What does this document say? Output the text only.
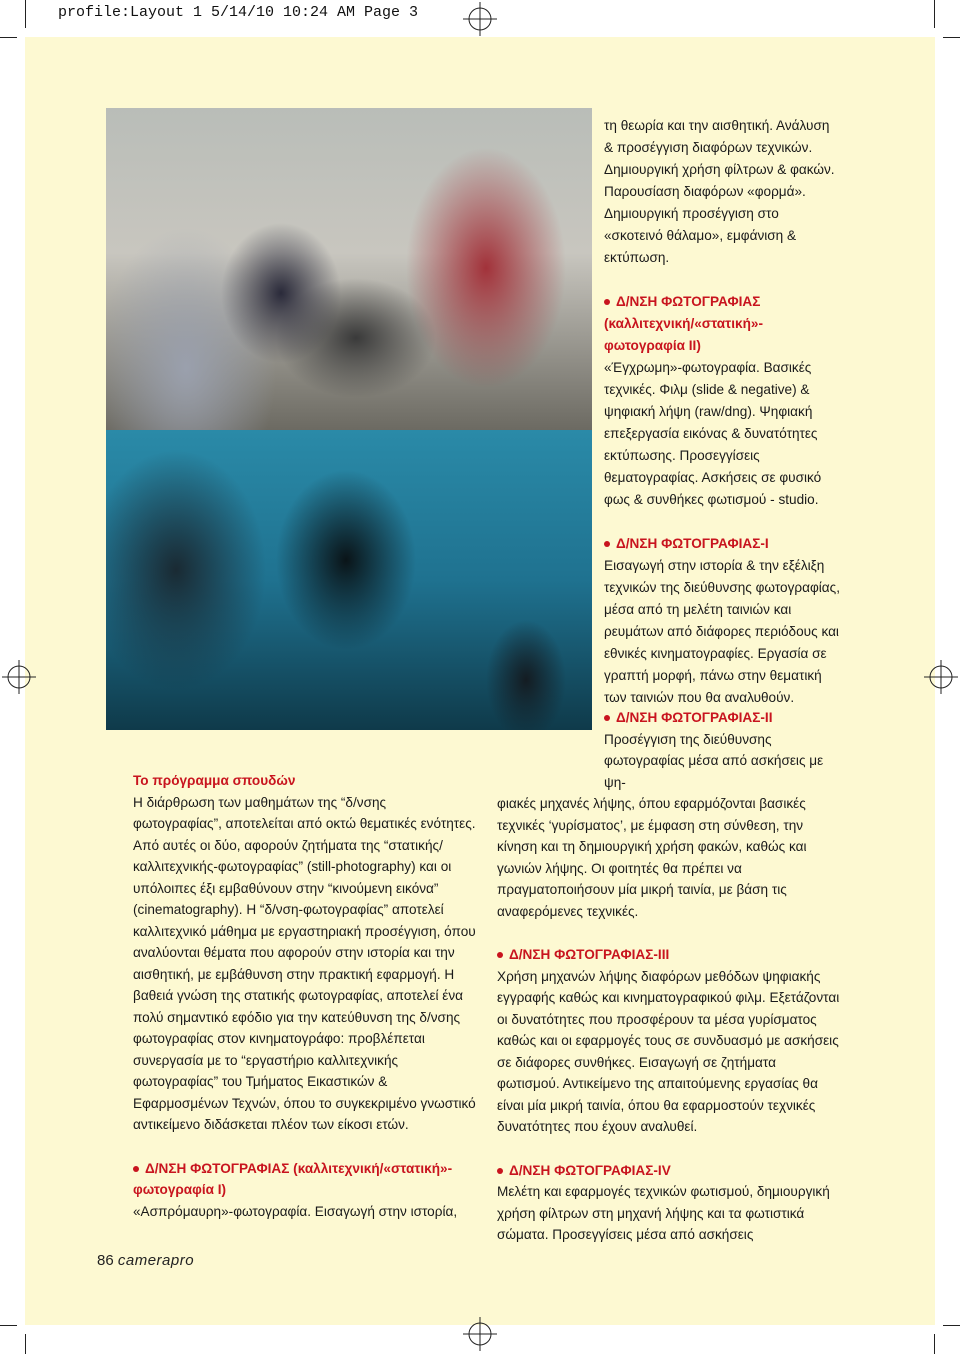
profile:Layout 1 5/14/10 10:24 AM Page 3

τη θεωρία και την αισθητική. Ανάλυση & προσέγγιση διαφόρων τεχνικών. Δημιουργική χρήση φίλτρων & φακών. Παρουσίαση διαφόρων «φορμά». Δημιουργική προσέγγιση στο «σκοτεινό θάλαμο», εμφάνιση & εκτύπωση.

Δ/ΝΣΗ ΦΩΤΟΓΡΑΦΙΑΣ (καλλιτεχνική/«στατική»-φωτογραφία II)

«Έγχρωμη»-φωτογραφία. Βασικές τεχνικές. Φιλμ (slide & negative) & ψηφιακή λήψη (raw/dng). Ψηφιακή επεξεργασία εικόνας & δυνατότητες εκτύπωσης. Προσεγγίσεις θεματογραφίας. Ασκήσεις σε φυσικό φως & συνθήκες φωτισμού - studio.

Δ/ΝΣΗ ΦΩΤΟΓΡΑΦΙΑΣ-Ι

Εισαγωγή στην ιστορία & την εξέλιξη τεχνικών της διεύθυνσης φωτογραφίας, μέσα από τη μελέτη ταινιών και ρευμάτων από διάφορες περιόδους και εθνικές κινηματογραφίες. Εργασία σε γραπτή μορφή, πάνω στην θεματική των ταινιών που θα αναλυθούν.

Το πρόγραμμα σπουδών

Η διάρθρωση των μαθημάτων της “δ/νσης φωτογραφίας”, αποτελείται από οκτώ θεματικές ενότητες. Από αυτές οι δύο, αφορούν ζητήματα της “στατικής/καλλιτεχνικής-φωτογραφίας” (still-photography) και οι υπόλοιπες έξι εμβαθύνουν στην “κινούμενη εικόνα” (cinematography). Η “δ/νση-φωτογραφίας” αποτελεί καλλιτεχνικό μάθημα με εργαστηριακή προσέγγιση, όπου αναλύονται θέματα που αφορούν στην ιστορία και την αισθητική, με εμβάθυνση στην πρακτική εφαρμογή. Η βαθειά γνώση της στατικής φωτογραφίας, αποτελεί ένα πολύ σημαντικό εφόδιο για την κατεύθυνση της δ/νσης φωτογραφίας στον κινηματογράφο: προβλέπεται συνεργασία με το “εργαστήριο καλλιτεχνικής φωτογραφίας” του Τμήματος Εικαστικών & Εφαρμοσμένων Τεχνών, όπου το συγκεκριμένο γνωστικό αντικείμενο διδάσκεται πλέον των είκοσι ετών.

Δ/ΝΣΗ ΦΩΤΟΓΡΑΦΙΑΣ (καλλιτεχνική/«στατική»-φωτογραφία Ι)

«Ασπρόμαυρη»-φωτογραφία. Εισαγωγή στην ιστορία,

Δ/ΝΣΗ ΦΩΤΟΓΡΑΦΙΑΣ-ΙΙ

Προσέγγιση της διεύθυνσης φωτογραφίας μέσα από ασκήσεις με ψη-

φιακές μηχανές λήψης, όπου εφαρμόζονται βασικές τεχνικές ‘γυρίσματος’, με έμφαση στη σύνθεση, την κίνηση και τη δημιουργική χρήση φακών, καθώς και γωνιών λήψης. Οι φοιτητές θα πρέπει να πραγματοποιήσουν μία μικρή ταινία, με βάση τις αναφερόμενες τεχνικές.

Δ/ΝΣΗ ΦΩΤΟΓΡΑΦΙΑΣ-ΙΙΙ

Χρήση μηχανών λήψης διαφόρων μεθόδων ψηφιακής εγγραφής καθώς και κινηματογραφικού φιλμ. Εξετάζονται οι δυνατότητες που προσφέρουν τα μέσα γυρίσματος καθώς και οι εφαρμογές τους σε συνδυασμό με ασκήσεις σε διάφορες συνθήκες. Εισαγωγή σε ζητήματα φωτισμού. Αντικείμενο της απαιτούμενης εργασίας θα είναι μία μικρή ταινία, όπου θα εφαρμοστούν τεχνικές δυνατότητες που έχουν αναλυθεί.

Δ/ΝΣΗ ΦΩΤΟΓΡΑΦΙΑΣ-IV

Μελέτη και εφαρμογές τεχνικών φωτισμού, δημιουργική χρήση φίλτρων στη μηχανή λήψης και τα φωτιστικά σώματα. Προσεγγίσεις μέσα από ασκήσεις

86 camerapro
